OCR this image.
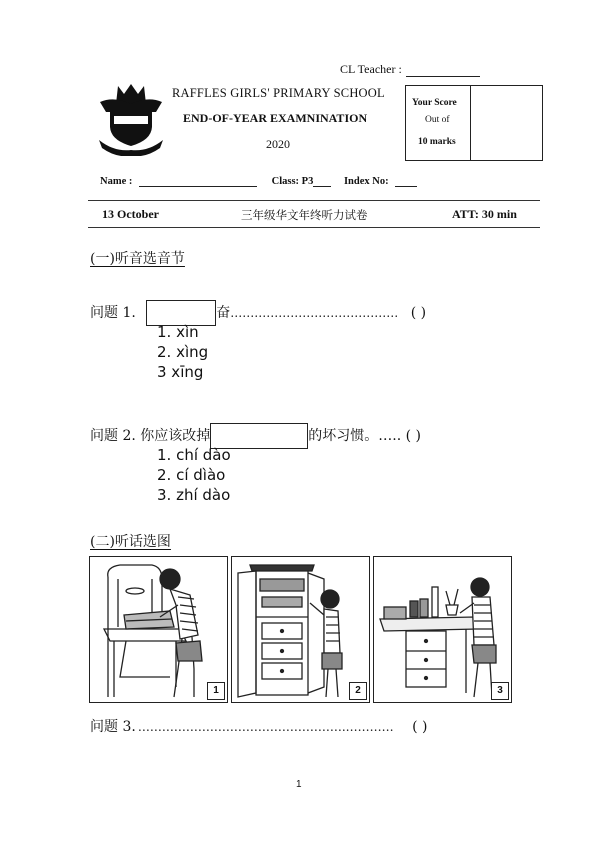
CL Teacher :
RAFFLES GIRLS' PRIMARY SCHOOL
END-OF-YEAR EXAMNINATION
2020
Your Score
Out of
10 marks
Name :	Class: P3	Index No:
13 October	三年级华文年终听力试卷	ATT: 30 min
(一)听音选音节
问题 1.	奋…………………………………… ( )
1. xìn
2. xìng
3 xīng
问题 2. 你应该改掉	的坏习惯。….. ( )
1. chí dào
2. cí dìào
3. zhí dào
(二)听话选图
1	2	3
问题 3. …………………………………………….………… ( )
1
